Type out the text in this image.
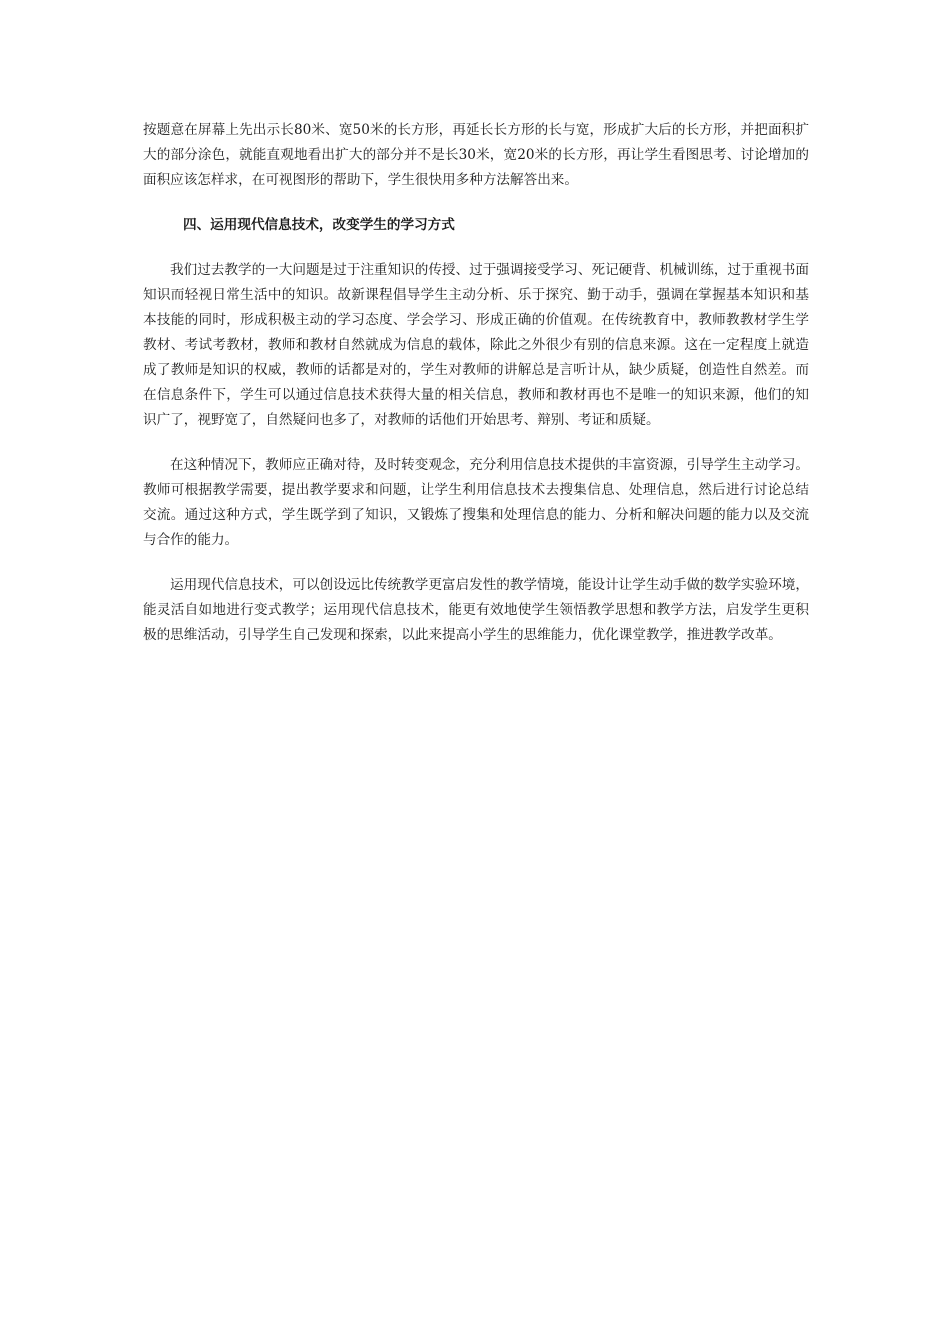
按题意在屏幕上先出示长80米、宽50米的长方形，再延长长方形的长与宽，形成扩大后的长方形，并把面积扩大的部分涂色，就能直观地看出扩大的部分并不是长30米，宽20米的长方形，再让学生看图思考、讨论增加的面积应该怎样求，在可视图形的帮助下，学生很快用多种方法解答出来。

四、运用现代信息技术，改变学生的学习方式

我们过去教学的一大问题是过于注重知识的传授、过于强调接受学习、死记硬背、机械训练，过于重视书面知识而轻视日常生活中的知识。故新课程倡导学生主动分析、乐于探究、勤于动手，强调在掌握基本知识和基本技能的同时，形成积极主动的学习态度、学会学习、形成正确的价值观。在传统教育中，教师教教材学生学教材、考试考教材，教师和教材自然就成为信息的载体，除此之外很少有别的信息来源。这在一定程度上就造成了教师是知识的权威，教师的话都是对的，学生对教师的讲解总是言听计从，缺少质疑，创造性自然差。而在信息条件下，学生可以通过信息技术获得大量的相关信息，教师和教材再也不是唯一的知识来源，他们的知识广了，视野宽了，自然疑问也多了，对教师的话他们开始思考、辩别、考证和质疑。

在这种情况下，教师应正确对待，及时转变观念，充分利用信息技术提供的丰富资源，引导学生主动学习。教师可根据教学需要，提出教学要求和问题，让学生利用信息技术去搜集信息、处理信息，然后进行讨论总结交流。通过这种方式，学生既学到了知识，又锻炼了搜集和处理信息的能力、分析和解决问题的能力以及交流与合作的能力。

运用现代信息技术，可以创设远比传统教学更富启发性的教学情境，能设计让学生动手做的数学实验环境，能灵活自如地进行变式教学；运用现代信息技术，能更有效地使学生领悟教学思想和教学方法，启发学生更积极的思维活动，引导学生自己发现和探索，以此来提高小学生的思维能力，优化课堂教学，推进教学改革。
